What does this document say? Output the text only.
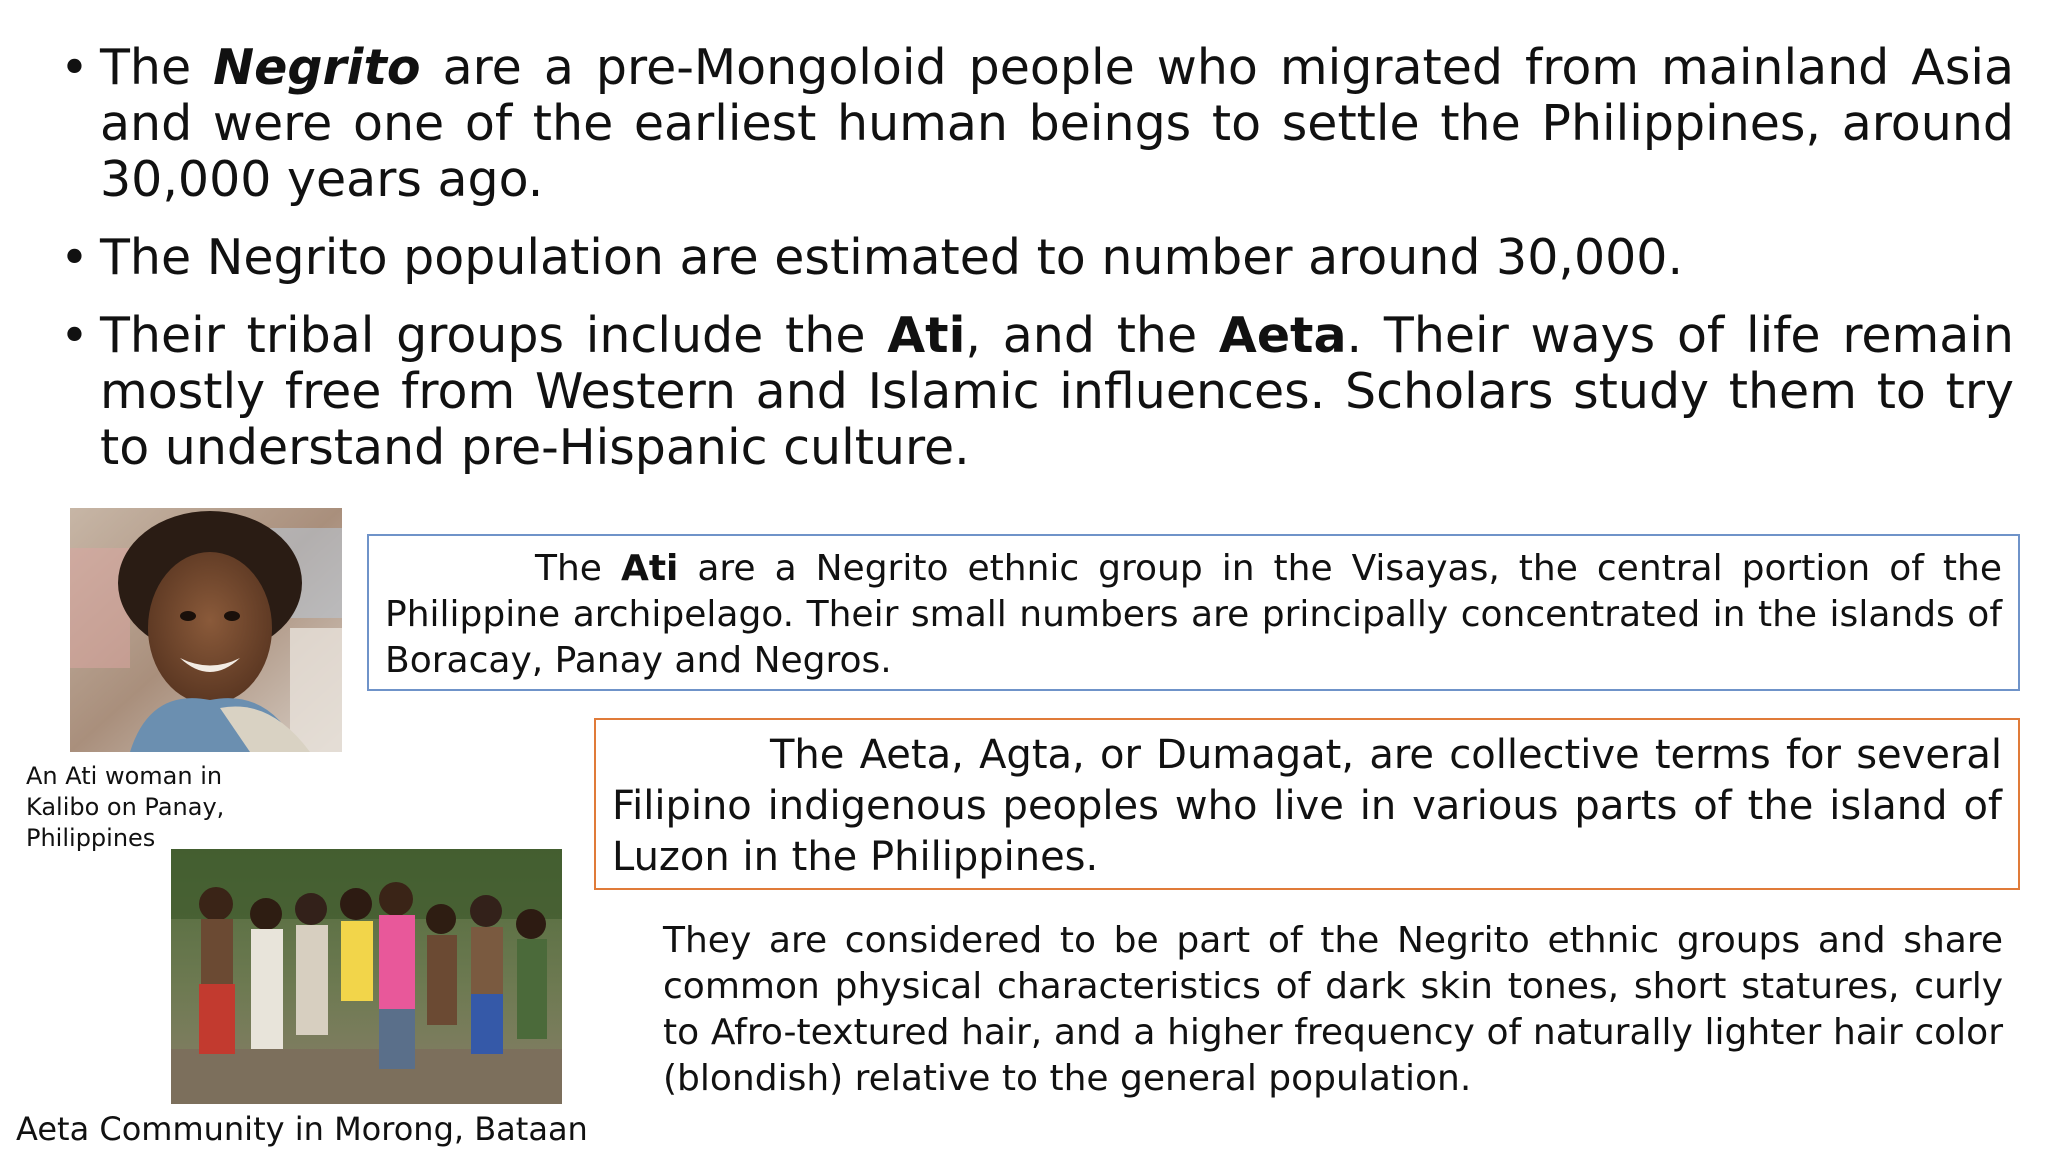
• The Negrito are a pre-Mongoloid people who migrated from mainland Asia and were one of the earliest human beings to settle the Philippines, around 30,000 years ago.
• The Negrito population are estimated to number around 30,000.
• Their tribal groups include the Ati, and the Aeta. Their ways of life remain mostly free from Western and Islamic influences. Scholars study them to try to understand pre-Hispanic culture.
An Ati woman in Kalibo on Panay, Philippines
Aeta Community in Morong, Bataan
The Ati are a Negrito ethnic group in the Visayas, the central portion of the Philippine archipelago. Their small numbers are principally concentrated in the islands of Boracay, Panay and Negros.
The Aeta, Agta, or Dumagat, are collective terms for several Filipino indigenous peoples who live in various parts of the island of Luzon in the Philippines.
They are considered to be part of the Negrito ethnic groups and share common physical characteristics of dark skin tones, short statures, curly to Afro-textured hair, and a higher frequency of naturally lighter hair color (blondish) relative to the general population.
